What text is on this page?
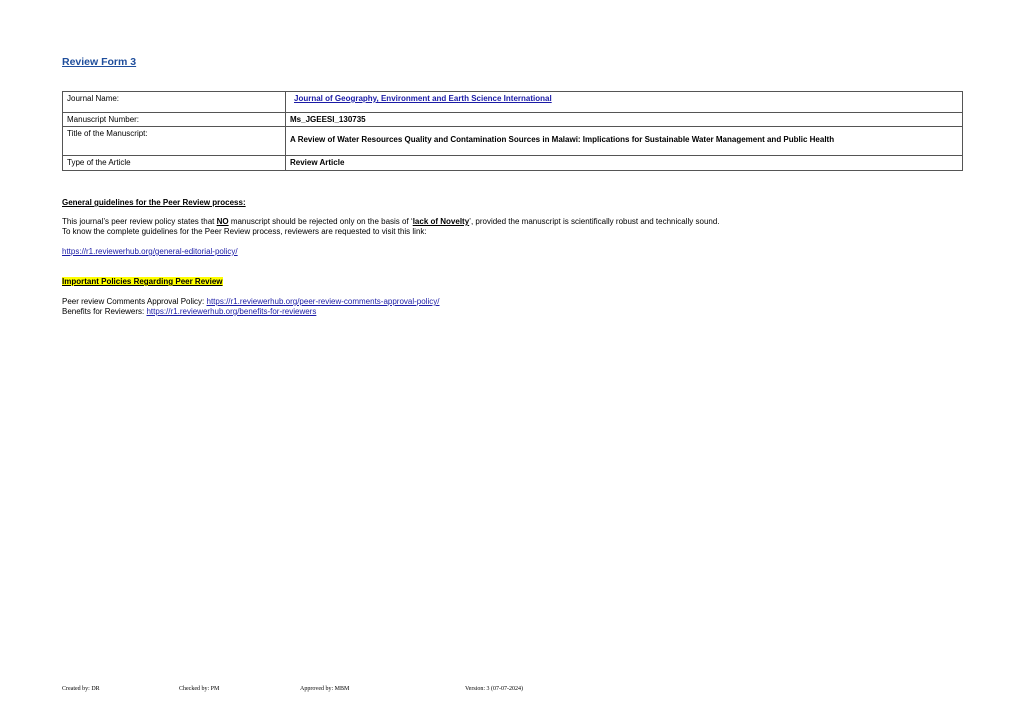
Review Form 3
Journal Name:	Journal of Geography, Environment and Earth Science International
Manuscript Number:	Ms_JGEESI_130735
Title of the Manuscript:	A Review of Water Resources Quality and Contamination Sources in Malawi: Implications for Sustainable Water Management and Public Health
Type of the Article	Review Article
General guidelines for the Peer Review process:
This journal’s peer review policy states that NO manuscript should be rejected only on the basis of ‘lack of Novelty’, provided the manuscript is scientifically robust and technically sound.
To know the complete guidelines for the Peer Review process, reviewers are requested to visit this link:
https://r1.reviewerhub.org/general-editorial-policy/
Important Policies Regarding Peer Review
Peer review Comments Approval Policy: https://r1.reviewerhub.org/peer-review-comments-approval-policy/
Benefits for Reviewers: https://r1.reviewerhub.org/benefits-for-reviewers
Created by: DR	Checked by: PM	Approved by: MBM	Version: 3 (07-07-2024)
